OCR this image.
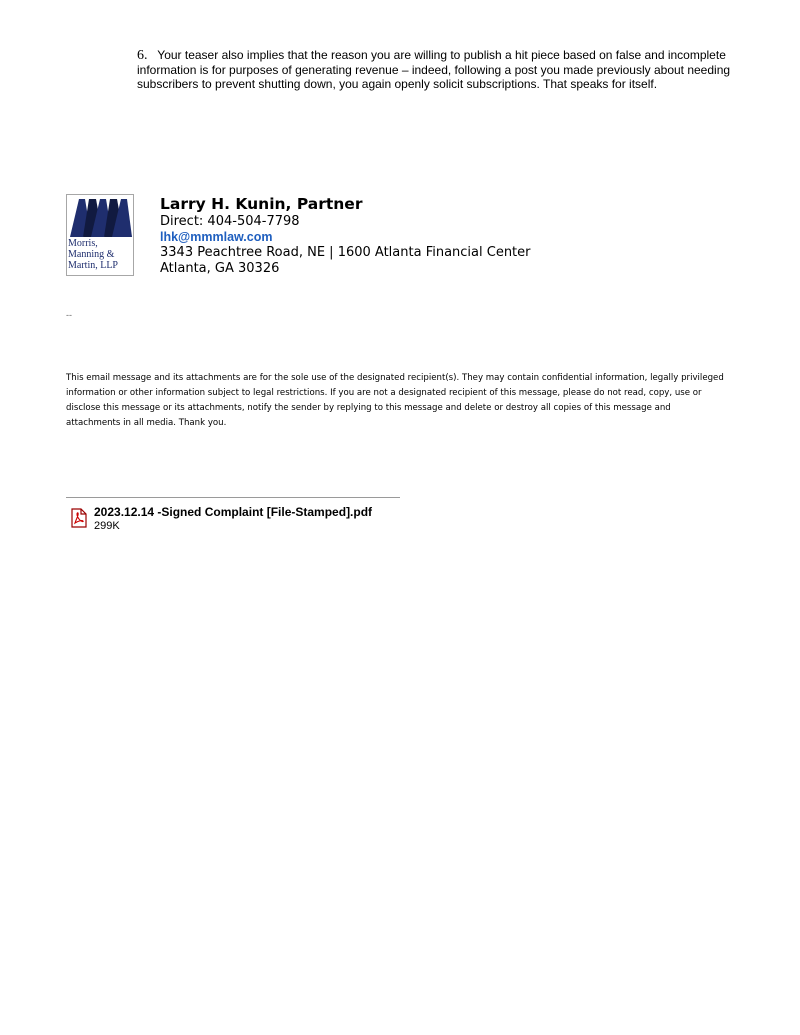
6. Your teaser also implies that the reason you are willing to publish a hit piece based on false and incomplete information is for purposes of generating revenue – indeed, following a post you made previously about needing subscribers to prevent shutting down, you again openly solicit subscriptions. That speaks for itself.
Morris,
Manning &
Martin, LLP
Larry H. Kunin, Partner
Direct: 404-504-7798
lhk@mmmlaw.com
3343 Peachtree Road, NE | 1600 Atlanta Financial Center
Atlanta, GA 30326
--
This email message and its attachments are for the sole use of the designated recipient(s). They may contain confidential information, legally privileged information or other information subject to legal restrictions. If you are not a designated recipient of this message, please do not read, copy, use or disclose this message or its attachments, notify the sender by replying to this message and delete or destroy all copies of this message and attachments in all media. Thank you.
2023.12.14 -Signed Complaint [File-Stamped].pdf
299K
